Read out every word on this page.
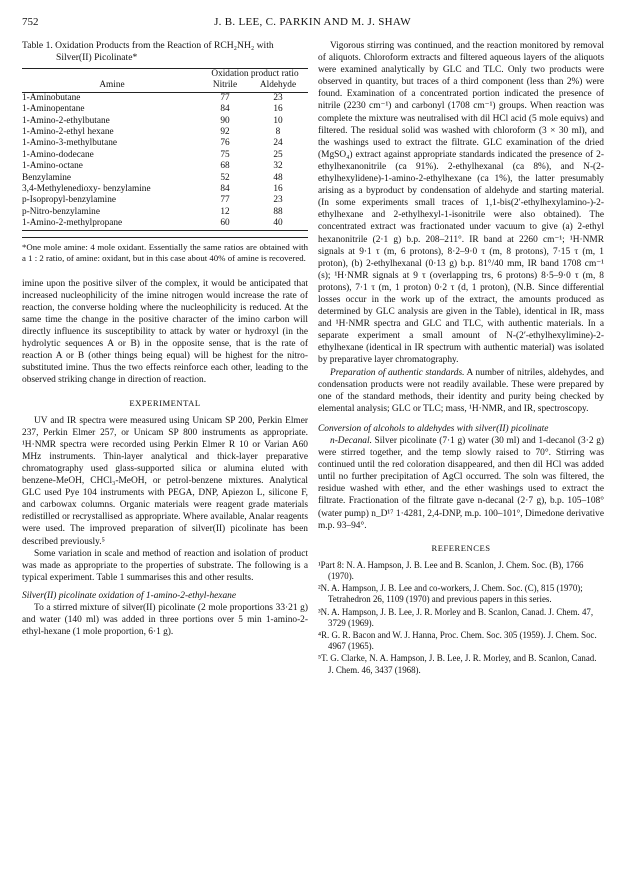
752	J. B. LEE, C. PARKIN AND M. J. SHAW

Table 1. Oxidation Products from the Reaction of RCH₂NH₂ with Silver(II) Picolinate*

	Oxidation product ratio	
Amine	Nitrile	Aldehyde
1-Aminobutane	77	23
1-Aminopentane	84	16
1-Amino-2-ethylbutane	90	10
1-Amino-2-ethyl hexane	92	8
1-Amino-3-methylbutane	76	24
1-Amino-dodecane	75	25
1-Amino-octane	68	32
Benzylamine	52	48
3,4-Methylenedioxy- benzylamine	84	16
p-Isopropyl-benzylamine	77	23
p-Nitro-benzylamine	12	88
1-Amino-2-methylpropane	60	40

*One mole amine: 4 mole oxidant. Essentially the same ratios are obtained with a 1 : 2 ratio, of amine: oxidant, but in this case about 40% of amine is recovered.

imine upon the positive silver of the complex, it would be anticipated that increased nucleophilicity of the imine nitrogen would increase the rate of reaction, the converse holding where the nucleophilicity is reduced. At the same time the change in the positive character of the imino carbon will directly influence its susceptibility to attack by water or hydroxyl (in the hydrolytic sequences A or B) in the opposite sense, that is the rate of reaction A or B (other things being equal) will be highest for the nitro-substituted imine. Thus the two effects reinforce each other, leading to the observed striking change in direction of reaction.

EXPERIMENTAL

UV and IR spectra were measured using Unicam SP 200, Perkin Elmer 237, Perkin Elmer 257, or Unicam SP 800 instruments as appropriate. ¹H·NMR spectra were recorded using Perkin Elmer R 10 or Varian A60 MHz instruments. Thin-layer analytical and thick-layer preparative chromatography used glass-supported silica or alumina eluted with benzene-MeOH, CHCl₃-MeOH, or petrol-benzene mixtures. Analytical GLC used Pye 104 instruments with PEGA, DNP, Apiezon L, silicone F, and carbowax columns. Organic materials were reagent grade materials redistilled or recrystallised as appropriate. Where available, Analar reagents were used. The improved preparation of silver(II) picolinate has been described previously.⁵

Some variation in scale and method of reaction and isolation of product was made as appropriate to the properties of substrate. The following is a typical experiment. Table 1 summarises this and other results.

Silver(II) picolinate oxidation of 1-amino-2-ethyl-hexane

To a stirred mixture of silver(II) picolinate (2 mole proportions 33·21 g) and water (140 ml) was added in three portions over 5 min 1-amino-2-ethyl-hexane (1 mole proportion, 6·1 g).

Vigorous stirring was continued, and the reaction monitored by removal of aliquots. Chloroform extracts and filtered aqueous layers of the aliquots were examined analytically by GLC and TLC. Only two products were observed in quantity, but traces of a third component (less than 2%) were found. Examination of a concentrated portion indicated the presence of nitrile (2230 cm⁻¹) and carbonyl (1708 cm⁻¹) groups. When reaction was complete the mixture was neutralised with dil HCl acid (5 mole equivs) and filtered. The residual solid was washed with chloroform (3 × 30 ml), and the washings used to extract the filtrate. GLC examination of the dried (MgSO₄) extract against appropriate standards indicated the presence of 2-ethylhexanonitrile (ca 91%). 2-ethylhexanal (ca 8%), and N-(2-ethylhexylidene)-1-amino-2-ethylhexane (ca 1%), the latter presumably arising as a byproduct by condensation of aldehyde and starting material. (In some experiments small traces of 1,1-bis(2′-ethylhexylamino-)-2-ethylhexane and 2-ethylhexyl-1-isonitrile were also obtained). The concentrated extract was fractionated under vacuum to give (a) 2-ethyl hexanonitrile (2·1 g) b.p. 208–211°. IR band at 2260 cm⁻¹; ¹H·NMR signals at 9·1 τ (m, 6 protons), 8·2–9·0 τ (m, 8 protons), 7·15 τ (m, 1 proton), (b) 2-ethylhexanal (0·13 g) b.p. 81°/40 mm, IR band 1708 cm⁻¹ (s); ¹H·NMR signals at 9 τ (overlapping trs, 6 protons) 8·5–9·0 τ (m, 8 protons), 7·1 τ (m, 1 proton) 0·2 τ (d, 1 proton), (N.B. Since differential losses occur in the work up of the extract, the amounts produced as determined by GLC analysis are given in the Table), identical in IR, mass and ¹H·NMR spectra and GLC and TLC, with authentic materials. In a separate experiment a small amount of N-(2′-ethylhexylimine)-2-ethylhexane (identical in IR spectrum with authentic material) was isolated by preparative layer chromatography.

Preparation of authentic standards. A number of nitriles, aldehydes, and condensation products were not readily available. These were prepared by one of the standard methods, their identity and purity being checked by elemental analysis; GLC or TLC; mass, ¹H·NMR, and IR, spectroscopy.

Conversion of alcohols to aldehydes with silver(II) picolinate

n-Decanal. Silver picolinate (7·1 g) water (30 ml) and 1-decanol (3·2 g) were stirred together, and the temp slowly raised to 70°. Stirring was continued until the red coloration disappeared, and then dil HCl was added until no further precipitation of AgCl occurred. The soln was filtered, the residue washed with ether, and the ether washings used to extract the filtrate. Fractionation of the filtrate gave n-decanal (2·7 g), b.p. 105–108° (water pump) n_D¹⁷ 1·4281, 2,4-DNP, m.p. 100–101°, Dimedone derivative m.p. 93–94°.

REFERENCES

¹Part 8: N. A. Hampson, J. B. Lee and B. Scanlon, J. Chem. Soc. (B), 1766 (1970).
²N. A. Hampson, J. B. Lee and co-workers, J. Chem. Soc. (C), 815 (1970); Tetrahedron 26, 1109 (1970) and previous papers in this series.
³N. A. Hampson, J. B. Lee, J. R. Morley and B. Scanlon, Canad. J. Chem. 47, 3729 (1969).
⁴R. G. R. Bacon and W. J. Hanna, Proc. Chem. Soc. 305 (1959). J. Chem. Soc. 4967 (1965).
⁵T. G. Clarke, N. A. Hampson, J. B. Lee, J. R. Morley, and B. Scanlon, Canad. J. Chem. 46, 3437 (1968).
